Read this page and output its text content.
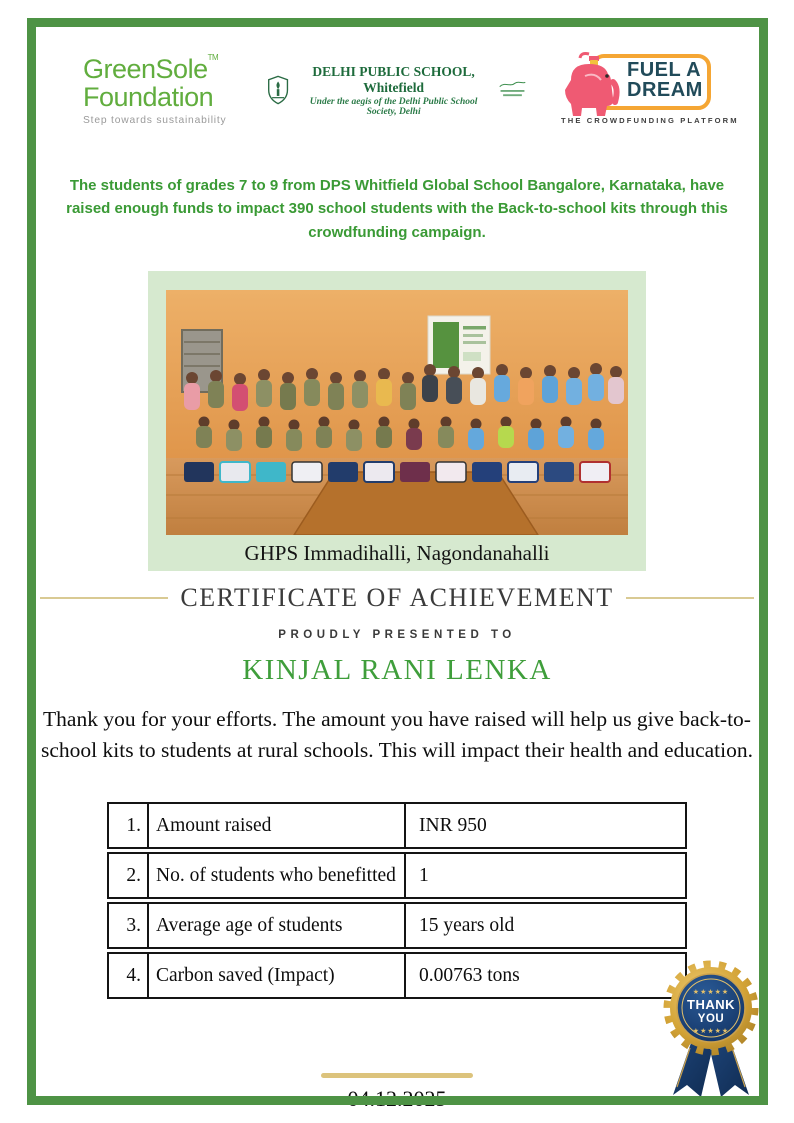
GreenSole™
Foundation
Step towards sustainability
DELHI PUBLIC SCHOOL, Whitefield
Under the aegis of the Delhi Public School Society, Delhi
FUEL A
DREAM
THE CROWDFUNDING PLATFORM
The students of grades 7 to 9 from DPS Whitfield Global School Bangalore, Karnataka, have raised enough funds to impact 390 school students with the Back-to-school kits through this crowdfunding campaign.
GHPS Immadihalli, Nagondanahalli
CERTIFICATE OF ACHIEVEMENT
PROUDLY PRESENTED TO
KINJAL RANI LENKA
Thank you for your efforts. The amount you have raised will help us give back-to-school kits to students at rural schools. This will impact their health and education.
1. Amount raised	INR 950
2. No. of students who benefitted	1
3. Average age of students	15 years old
4. Carbon saved (Impact)	0.00763 tons
04.12.2025
★★★★★
THANK
YOU
★★★★★
